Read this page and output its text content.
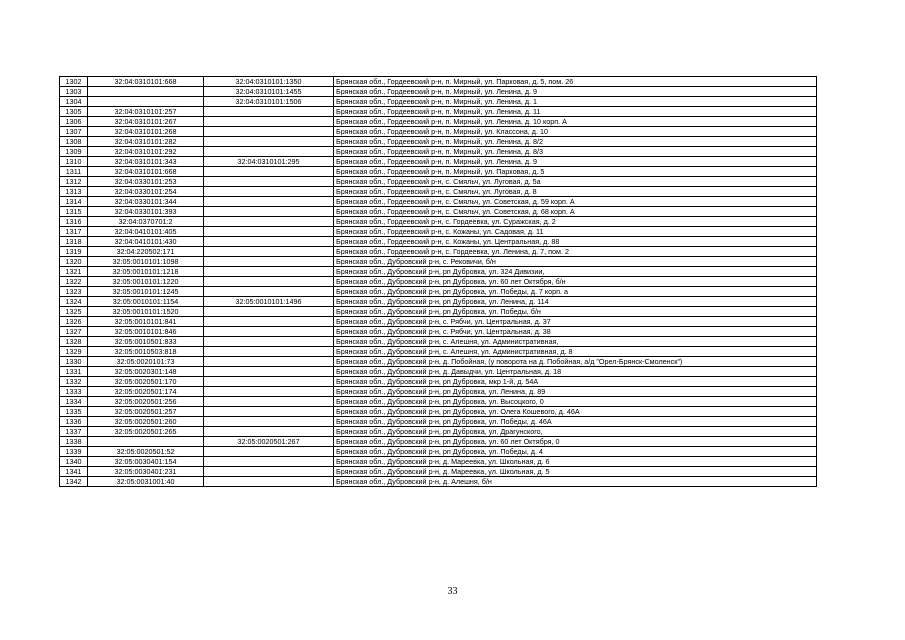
1302	32:04:0310101:668	32:04:0310101:1350	Брянская обл., Гордеевский р-н, п. Мирный, ул. Парковая, д. 5, пом. 26
1303		32:04:0310101:1455	Брянская обл., Гордеевский р-н, п. Мирный, ул. Ленина, д. 9
1304		32:04:0310101:1506	Брянская обл., Гордеевский р-н, п. Мирный, ул. Ленина, д. 1
1305	32:04:0310101:257		Брянская обл., Гордеевский р-н, п. Мирный, ул. Ленина, д. 11
1306	32:04:0310101:267		Брянская обл., Гордеевский р-н, п. Мирный, ул. Ленина, д. 10 корп. А
1307	32:04:0310101:268		Брянская обл., Гордеевский р-н, п. Мирный, ул. Классона, д. 10
1308	32:04:0310101:282		Брянская обл., Гордеевский р-н, п. Мирный, ул. Ленина, д. 8/2
1309	32:04:0310101:292		Брянская обл., Гордеевский р-н, п. Мирный, ул. Ленина, д. 8/3
1310	32:04:0310101:343	32:04:0310101:295	Брянская обл., Гордеевский р-н, п. Мирный, ул. Ленина, д. 9
1311	32:04:0310101:668		Брянская обл., Гордеевский р-н, п. Мирный, ул. Парковая, д. 5
1312	32:04:0330101:253		Брянская обл., Гордеевский р-н, с. Смяльч, ул. Луговая, д. 5а
1313	32:04:0330101:254		Брянская обл., Гордеевский р-н, с. Смяльч, ул. Луговая, д. 8
1314	32:04:0330101:344		Брянская обл., Гордеевский р-н, с. Смяльч, ул. Советская, д. 59 корп. А
1315	32:04:0330101:393		Брянская обл., Гордеевский р-н, с. Смяльч, ул. Советская, д. 68 корп. А
1316	32:04:0370701:2		Брянская обл., Гордеевский р-н, с. Гордеевка, ул. Суражская, д. 2
1317	32:04:0410101:405		Брянская обл., Гордеевский р-н, с. Кожаны, ул. Садовая, д. 11
1318	32:04:0410101:430		Брянская обл., Гордеевский р-н, с. Кожаны, ул. Центральная, д. 88
1319	32:04:220502:171		Брянская обл., Гордеевский р-н, с. Гордеевка, ул. Ленина, д. 7, пом. 2
1320	32:05:0010101:1098		Брянская обл., Дубровский р-н, с. Рековичи, б/н
1321	32:05:0010101:1218		Брянская обл., Дубровский р-н, рп Дубровка, ул. 324 Дивизии,
1322	32:05:0010101:1220		Брянская обл., Дубровский р-н, рп Дубровка, ул. 60 лет Октября, б/н
1323	32:05:0010101:1245		Брянская обл., Дубровский р-н, рп Дубровка, ул. Победы, д. 7 корп. а
1324	32:05:0010101:1154	32:05:0010101:1496	Брянская обл., Дубровский р-н, рп Дубровка, ул. Ленина, д. 114
1325	32:05:0010101:1520		Брянская обл., Дубровский р-н, рп Дубровка, ул. Победы, б/н
1326	32:05:0010101:841		Брянская обл., Дубровский р-н, с. Рябчи, ул. Центральная, д. 37
1327	32:05:0010101:846		Брянская обл., Дубровский р-н, с. Рябчи, ул. Центральная, д. 38
1328	32:05:0010501:833		Брянская обл., Дубровский р-н, с. Алешня, ул. Административная,
1329	32:05:0010503:818		Брянская обл., Дубровский р-н, с. Алешня, ул. Административная, д. 8
1330	32:05:0020101:73		Брянская обл., Дубровский р-н, д. Побойная, (у поворота на д. Побойная, а/д "Орел-Брянск-Смоленск")
1331	32:05:0020301:148		Брянская обл., Дубровский р-н, д. Давыдчи, ул. Центральная, д. 18
1332	32:05:0020501:170		Брянская обл., Дубровский р-н, рп Дубровка, мкр 1-й, д. 54А
1333	32:05:0020501:174		Брянская обл., Дубровский р-н, рп Дубровка, ул. Ленина, д. 89
1334	32:05:0020501:256		Брянская обл., Дубровский р-н, рп Дубровка, ул. Высоцкого, 0
1335	32:05:0020501:257		Брянская обл., Дубровский р-н, рп Дубровка, ул. Олега Кошевого, д. 46А
1336	32:05:0020501:260		Брянская обл., Дубровский р-н, рп Дубровка, ул. Победы, д. 46А
1337	32:05:0020501:265		Брянская обл., Дубровский р-н, рп Дубровка, ул. Драгунского,
1338		32:05:0020501:267	Брянская обл., Дубровский р-н, рп Дубровка, ул. 60 лет Октября, 0
1339	32:05:0020501:52		Брянская обл., Дубровский р-н, рп Дубровка, ул. Победы, д. 4
1340	32:05:0030401:154		Брянская обл., Дубровский р-н, д. Мареевка, ул. Школьная, д. 6
1341	32:05:0030401:231		Брянская обл., Дубровский р-н, д. Мареевка, ул. Школьная, д. 5
1342	32:05:0031001:40		Брянская обл., Дубровский р-н, д. Алешня, б/н
33
